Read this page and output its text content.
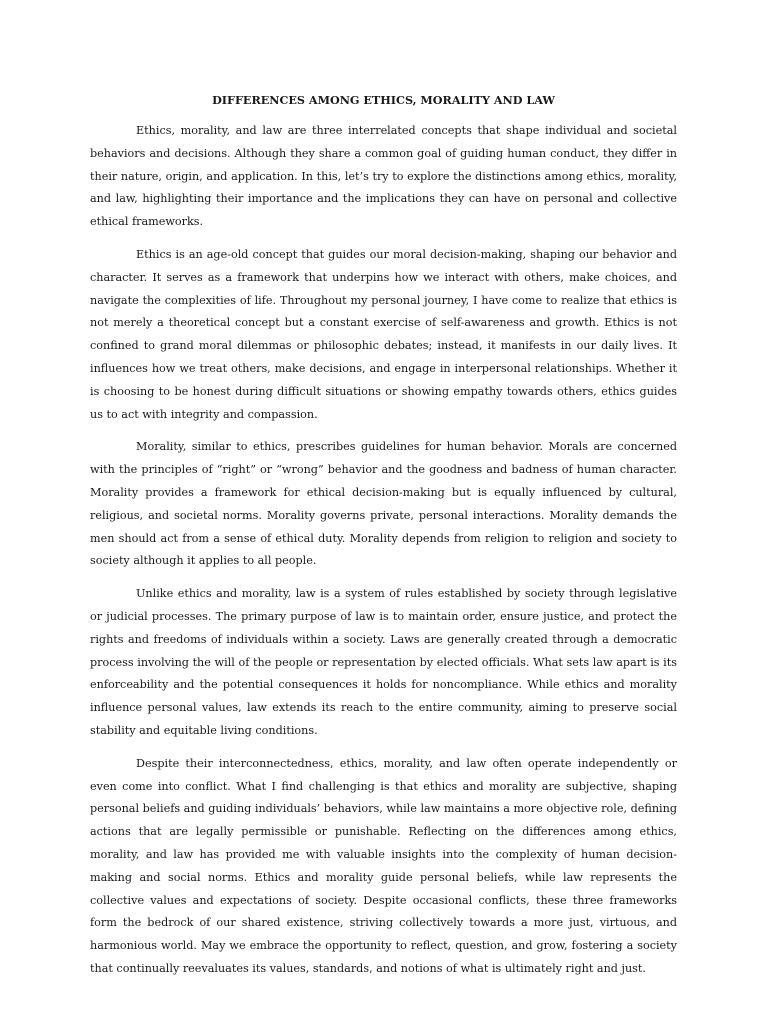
DIFFERENCES AMONG ETHICS, MORALITY AND LAW

Ethics, morality, and law are three interrelated concepts that shape individual and societal behaviors and decisions. Although they share a common goal of guiding human conduct, they differ in their nature, origin, and application. In this, let’s try to explore the distinctions among ethics, morality, and law, highlighting their importance and the implications they can have on personal and collective ethical frameworks.

Ethics is an age-old concept that guides our moral decision-making, shaping our behavior and character. It serves as a framework that underpins how we interact with others, make choices, and navigate the complexities of life. Throughout my personal journey, I have come to realize that ethics is not merely a theoretical concept but a constant exercise of self-awareness and growth. Ethics is not confined to grand moral dilemmas or philosophic debates; instead, it manifests in our daily lives. It influences how we treat others, make decisions, and engage in interpersonal relationships. Whether it is choosing to be honest during difficult situations or showing empathy towards others, ethics guides us to act with integrity and compassion.

Morality, similar to ethics, prescribes guidelines for human behavior. Morals are concerned with the principles of “right” or “wrong” behavior and the goodness and badness of human character. Morality provides a framework for ethical decision-making but is equally influenced by cultural, religious, and societal norms. Morality governs private, personal interactions. Morality demands the men should act from a sense of ethical duty. Morality depends from religion to religion and society to society although it applies to all people.

Unlike ethics and morality, law is a system of rules established by society through legislative or judicial processes. The primary purpose of law is to maintain order, ensure justice, and protect the rights and freedoms of individuals within a society. Laws are generally created through a democratic process involving the will of the people or representation by elected officials. What sets law apart is its enforceability and the potential consequences it holds for noncompliance. While ethics and morality influence personal values, law extends its reach to the entire community, aiming to preserve social stability and equitable living conditions.

Despite their interconnectedness, ethics, morality, and law often operate independently or even come into conflict. What I find challenging is that ethics and morality are subjective, shaping personal beliefs and guiding individuals’ behaviors, while law maintains a more objective role, defining actions that are legally permissible or punishable. Reflecting on the differences among ethics, morality, and law has provided me with valuable insights into the complexity of human decision-making and social norms. Ethics and morality guide personal beliefs, while law represents the collective values and expectations of society. Despite occasional conflicts, these three frameworks form the bedrock of our shared existence, striving collectively towards a more just, virtuous, and harmonious world. May we embrace the opportunity to reflect, question, and grow, fostering a society that continually reevaluates its values, standards, and notions of what is ultimately right and just.
